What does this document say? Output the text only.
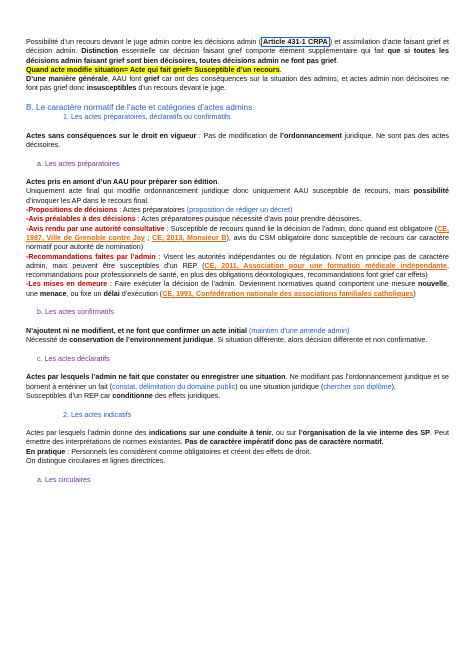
Possibilité d’un recours devant le juge admin contre les décisions admin ( Article 431-1 CRPA ) et assimilation d’acte faisant grief et décision admin. Distinction essentielle car décision faisant grief comporte élément supplémentaire qui fait que si toutes les décisions admin faisant grief sont bien décisoires, toutes décisions admin ne font pas grief.
Quand acte modifie situation= Acte qui fait grief= Susceptible d’un recours.
D’une manière générale, AAU font grief car ont des conséquences sur la situation des admins, et actes admin non décisoires ne font pas grief donc insusceptibles d’un recours devant le juge.

B. Le caractère normatif de l’acte et catégories d’actes admins

1. Les actes préparatoires, déclaratifs ou confirmatifs

Actes sans conséquences sur le droit en vigueur : Pas de modification de l’ordonnancement juridique. Ne sont pas des actes décisoires.

a. Les actes préparatoires

Actes pris en amont d’un AAU pour préparer son édition.
Uniquement acte final qui modifie ordonnancement juridique donc uniquement AAU susceptible de recours, mais possibilité d’invoquer les AP dans le recours final.
-Propositions de décisions : Actes préparatoires (proposition de rédiger un décret)
-Avis préalables à des décisions : Actes préparatoires puisque nécessité d’avis pour prendre décisoires.
-Avis rendu par une autorité consultative : Susceptible de recours quand lie la décision de l’admin, donc quand est obligatoire (CE, 1987, Ville de Grenoble contre Jay ; CE, 2013, Monsieur B), avis du CSM obligatoire donc susceptible de recours car caractère normatif pour autorité de nomination)
-Recommandations faites par l’admin : Visent les autorités indépendantes ou de régulation. N’ont en principe pas de caractère admin, mais peuvent être susceptibles d’un REP (CE, 2011, Association pour une formation médicale indépendante, recommandations pour professionnels de santé, en plus des obligations déontologiques, recommandations font grief car effets)
-Les mises en demeure : Faire exécuter la décision de l’admin. Deviennent normatives quand comportent une mesure nouvelle, une menace, ou fixe un délai d’exécution (CE, 1991, Confédération nationale des associations familiales catholiques)

b. Les actes confirmatifs

N’ajoutent ni ne modifient, et ne font que confirmer un acte initial (maintien d’une amende admin)
Nécessité de conservation de l’environnement juridique. Si situation différente, alors décision différente et non confirmative.

c. Les actes déclaratifs

Actes par lesquels l’admin ne fait que constater ou enregistrer une situation. Ne modifiant pas l’ordonnancement juridique et se bornent à entériner un fait (constat, délimitation du domaine public) ou une situation juridique (chercher son diplôme).
Susceptibles d’un REP car conditionne des effets juridiques.

2. Les actes indicatifs

Actes par lesquels l’admin donne des indications sur une conduite à tenir, ou sur l’organisation de la vie interne des SP. Peut émettre des interprétations de normes existantes. Pas de caractère impératif donc pas de caractère normatif.
En pratique : Personnels les considèrent comme obligatoires et créent des effets de droit.
On distingue circulaires et lignes directrices.

a. Les circulaires
